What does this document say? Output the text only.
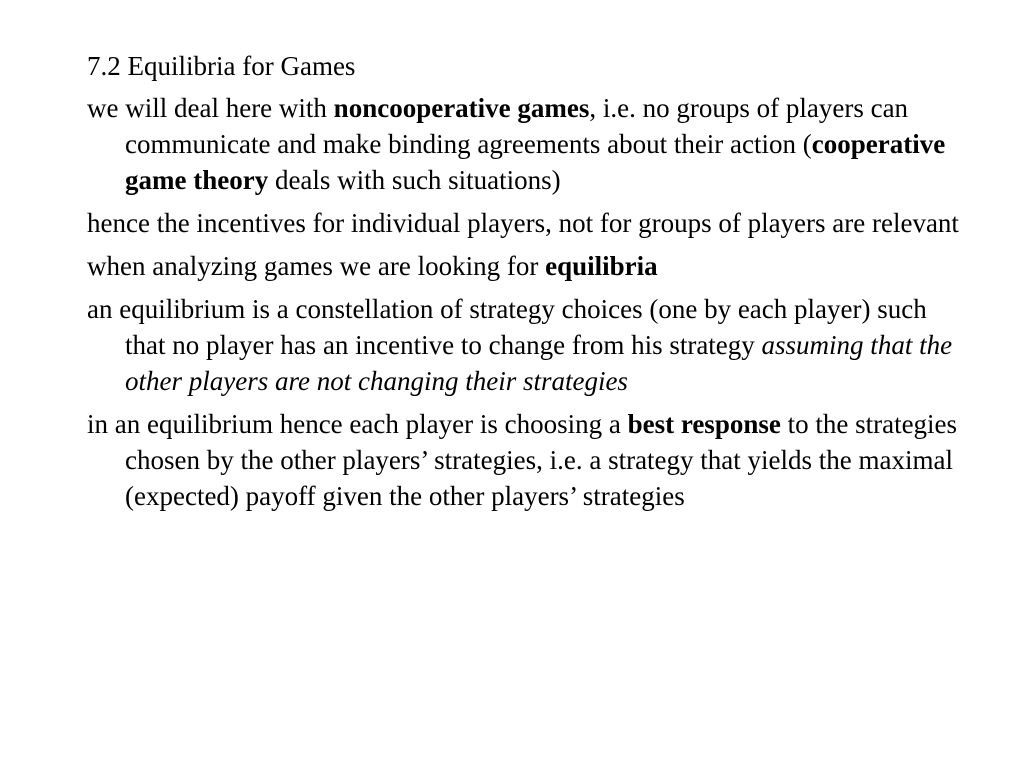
7.2 Equilibria for Games
we will deal here with noncooperative games, i.e. no groups of players can communicate and make binding agreements about their action (cooperative game theory deals with such situations)
hence the incentives for individual players, not for groups of players are relevant
when analyzing games we are looking for equilibria
an equilibrium is a constellation of strategy choices (one by each player) such that no player has an incentive to change from his strategy assuming that the other players are not changing their strategies
in an equilibrium hence each player is choosing a best response to the strategies chosen by the other players’ strategies, i.e. a strategy that yields the maximal (expected) payoff given the other players’ strategies
